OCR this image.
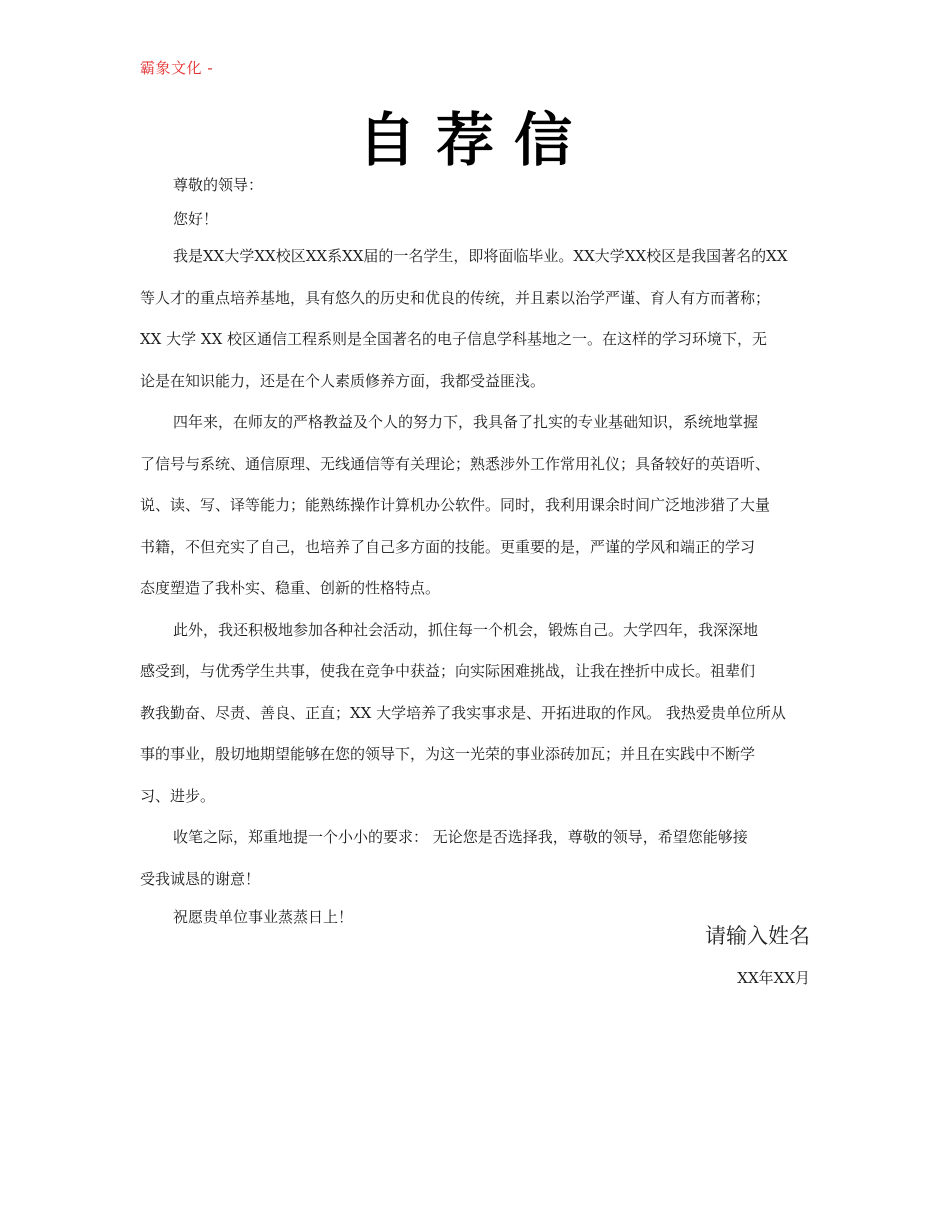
霸象文化 -
自荐信
尊敬的领导：
您好！
我是XX大学XX校区XX系XX届的一名学生，即将面临毕业。XX大学XX校区是我国著名的XX
等人才的重点培养基地，具有悠久的历史和优良的传统，并且素以治学严谨、育人有方而著称；
XX 大学 XX 校区通信工程系则是全国著名的电子信息学科基地之一。在这样的学习环境下，无
论是在知识能力，还是在个人素质修养方面，我都受益匪浅。
四年来，在师友的严格教益及个人的努力下，我具备了扎实的专业基础知识，系统地掌握
了信号与系统、通信原理、无线通信等有关理论；熟悉涉外工作常用礼仪；具备较好的英语听、
说、读、写、译等能力；能熟练操作计算机办公软件。同时，我利用课余时间广泛地涉猎了大量
书籍，不但充实了自己，也培养了自己多方面的技能。更重要的是，严谨的学风和端正的学习
态度塑造了我朴实、稳重、创新的性格特点。
此外，我还积极地参加各种社会活动，抓住每一个机会，锻炼自己。大学四年，我深深地
感受到，与优秀学生共事，使我在竞争中获益；向实际困难挑战，让我在挫折中成长。祖辈们
教我勤奋、尽责、善良、正直；XX 大学培养了我实事求是、开拓进取的作风。 我热爱贵单位所从
事的事业，殷切地期望能够在您的领导下，为这一光荣的事业添砖加瓦；并且在实践中不断学
习、进步。
收笔之际，郑重地提一个小小的要求： 无论您是否选择我，尊敬的领导，希望您能够接
受我诚恳的谢意！
祝愿贵单位事业蒸蒸日上！
请输入姓名
XX年XX月
